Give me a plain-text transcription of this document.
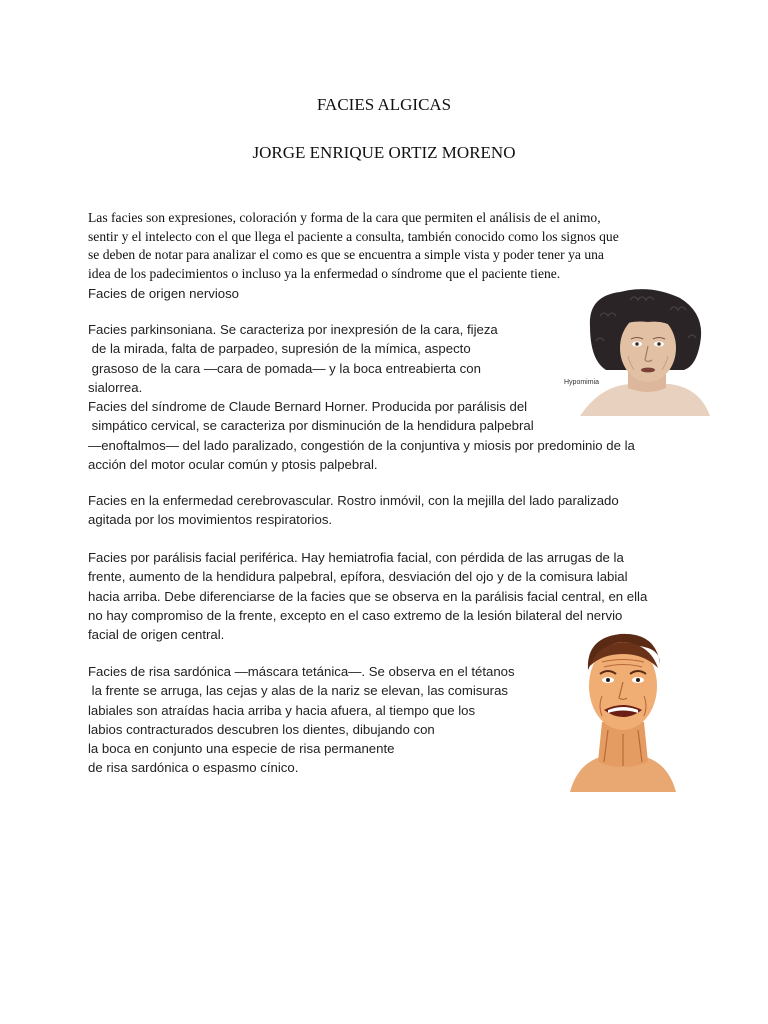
FACIES ALGICAS
JORGE ENRIQUE ORTIZ MORENO

Las facies son expresiones, coloración y forma de la cara que permiten el análisis de el animo,

sentir y el intelecto con el que llega el paciente a consulta, también conocido como los signos que

se deben de notar para analizar el como es que se encuentra a simple vista y poder tener ya una

idea de los padecimientos o incluso ya la enfermedad o síndrome que el paciente tiene.

Facies de origen nervioso

Facies parkinsoniana. Se caracteriza por inexpresión de la cara, fijeza

de la mirada, falta de parpadeo, supresión de la mímica, aspecto

grasoso de la cara —cara de pomada— y la boca entreabierta con

sialorrea.

Facies del síndrome de Claude Bernard Horner. Producida por parálisis del

simpático cervical, se caracteriza por disminución de la hendidura palpebral

—enoftalmos— del lado paralizado, congestión de la conjuntiva y miosis por predominio de la

acción del motor ocular común y ptosis palpebral.

Facies en la enfermedad cerebrovascular. Rostro inmóvil, con la mejilla del lado paralizado

agitada por los movimientos respiratorios.

Facies por parálisis facial periférica. Hay hemiatrofia facial, con pérdida de las arrugas de la

frente, aumento de la hendidura palpebral, epífora, desviación del ojo y de la comisura labial

hacia arriba. Debe diferenciarse de la facies que se observa en la parálisis facial central, en ella

no hay compromiso de la frente, excepto en el caso extremo de la lesión bilateral del nervio

facial de origen central.

Facies de risa sardónica —máscara tetánica—. Se observa en el tétanos

la frente se arruga, las cejas y alas de la nariz se elevan, las comisuras

labiales son atraídas hacia arriba y hacia afuera, al tiempo que los

labios contracturados descubren los dientes, dibujando con

la boca en conjunto una especie de risa permanente

de risa sardónica o espasmo cínico.

Hypomimia
